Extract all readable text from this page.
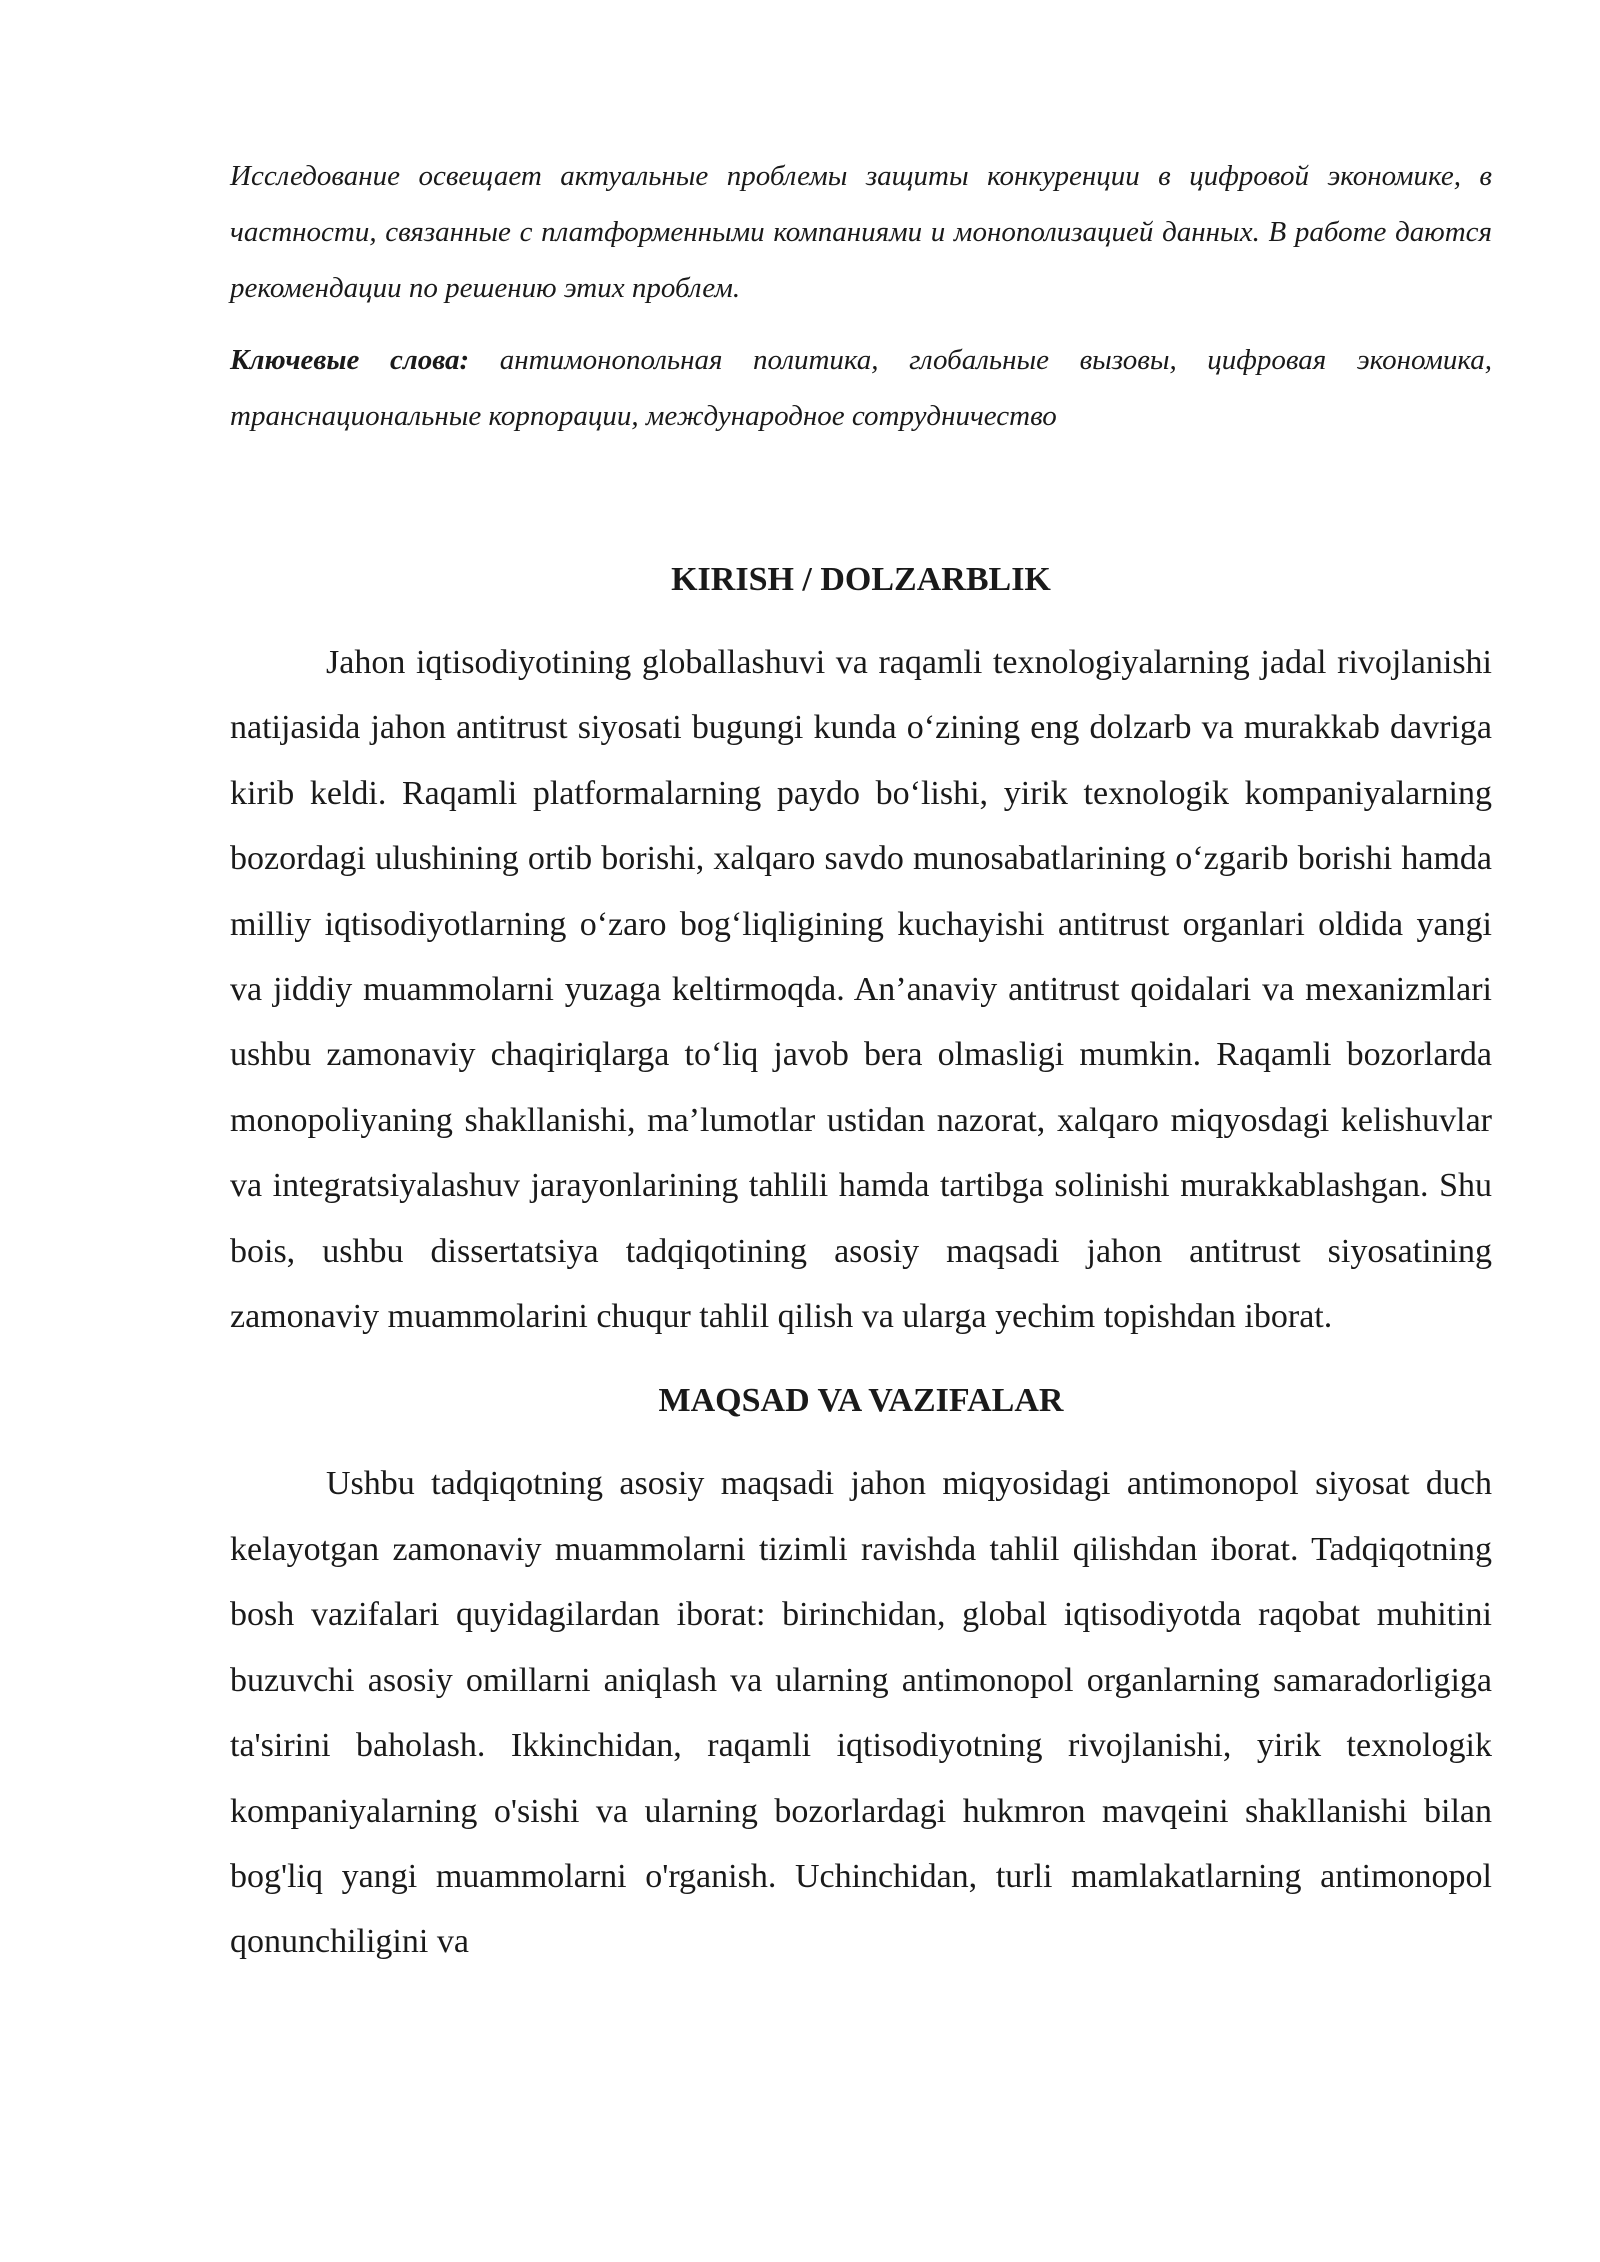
Исследование освещает актуальные проблемы защиты конкуренции в цифровой экономике, в частности, связанные с платформенными компаниями и монополизацией данных. В работе даются рекомендации по решению этих проблем.

Ключевые слова: антимонопольная политика, глобальные вызовы, цифровая экономика, транснациональные корпорации, международное сотрудничество

KIRISH / DOLZARBLIK

Jahon iqtisodiyotining globallashuvi va raqamli texnologiyalarning jadal rivojlanishi natijasida jahon antitrust siyosati bugungi kunda o‘zining eng dolzarb va murakkab davriga kirib keldi. Raqamli platformalarning paydo bo‘lishi, yirik texnologik kompaniyalarning bozordagi ulushining ortib borishi, xalqaro savdo munosabatlarining o‘zgarib borishi hamda milliy iqtisodiyotlarning o‘zaro bog‘liqligining kuchayishi antitrust organlari oldida yangi va jiddiy muammolarni yuzaga keltirmoqda. An’anaviy antitrust qoidalari va mexanizmlari ushbu zamonaviy chaqiriqlarga to‘liq javob bera olmasligi mumkin. Raqamli bozorlarda monopoliyaning shakllanishi, ma’lumotlar ustidan nazorat, xalqaro miqyosdagi kelishuvlar va integratsiyalashuv jarayonlarining tahlili hamda tartibga solinishi murakkablashgan. Shu bois, ushbu dissertatsiya tadqiqotining asosiy maqsadi jahon antitrust siyosatining zamonaviy muammolarini chuqur tahlil qilish va ularga yechim topishdan iborat.

MAQSAD VA VAZIFALAR

Ushbu tadqiqotning asosiy maqsadi jahon miqyosidagi antimonopol siyosat duch kelayotgan zamonaviy muammolarni tizimli ravishda tahlil qilishdan iborat. Tadqiqotning bosh vazifalari quyidagilardan iborat: birinchidan, global iqtisodiyotda raqobat muhitini buzuvchi asosiy omillarni aniqlash va ularning antimonopol organlarning samaradorligiga ta'sirini baholash. Ikkinchidan, raqamli iqtisodiyotning rivojlanishi, yirik texnologik kompaniyalarning o'sishi va ularning bozorlardagi hukmron mavqeini shakllanishi bilan bog'liq yangi muammolarni o'rganish. Uchinchidan, turli mamlakatlarning antimonopol qonunchiligini va
